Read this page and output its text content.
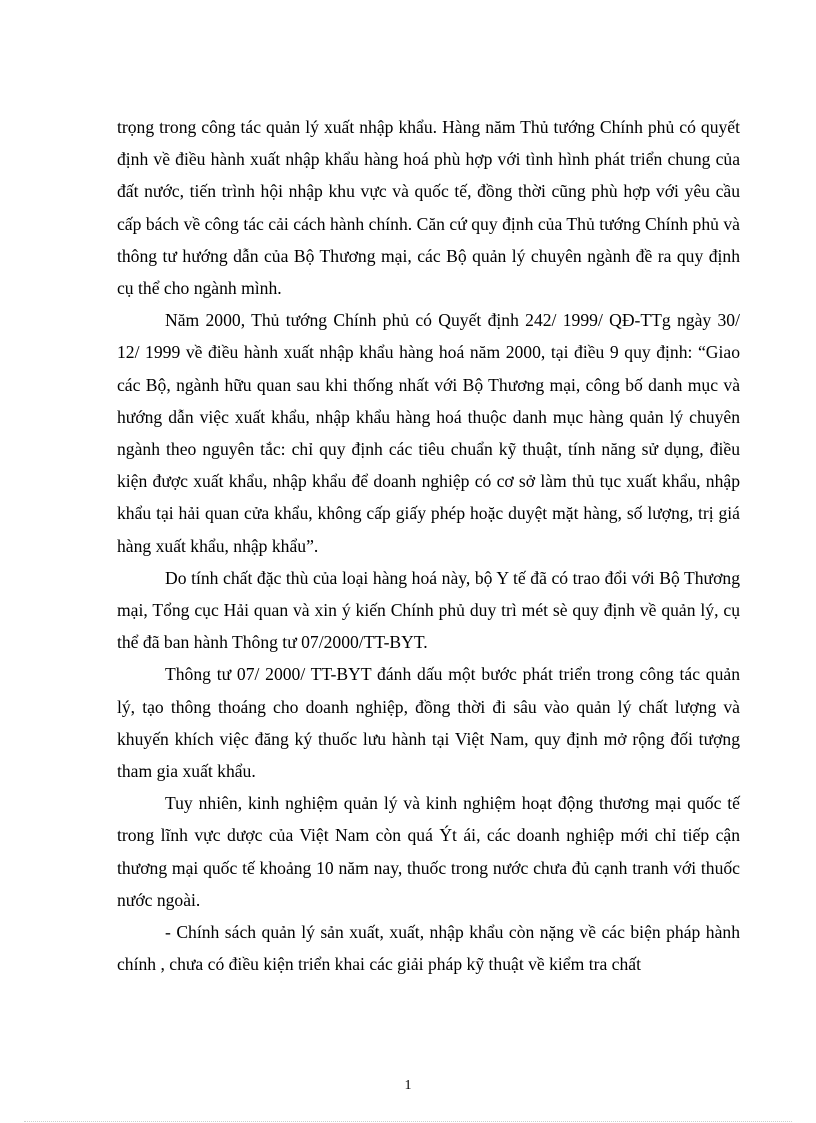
trọng trong công tác quản lý xuất nhập khẩu. Hàng năm Thủ tướng Chính phủ có quyết định về điều hành xuất nhập khẩu hàng hoá phù hợp với tình hình phát triển chung của đất nước, tiến trình hội nhập khu vực và quốc tế, đồng thời cũng phù hợp với yêu cầu cấp bách về công tác cải cách hành chính. Căn cứ quy định của Thủ tướng Chính phủ và thông tư hướng dẫn của Bộ Thương mại, các Bộ quản lý chuyên ngành đề ra quy định cụ thể cho ngành mình.

Năm 2000, Thủ tướng Chính phủ có Quyết định 242/ 1999/ QĐ-TTg ngày 30/ 12/ 1999 về điều hành xuất nhập khẩu hàng hoá năm 2000, tại điều 9 quy định: “Giao các Bộ, ngành hữu quan sau khi thống nhất với Bộ Thương mại, công bố danh mục và hướng dẫn việc xuất khẩu, nhập khẩu hàng hoá thuộc danh mục hàng quản lý chuyên ngành theo nguyên tắc: chỉ quy định các tiêu chuẩn kỹ thuật, tính năng sử dụng, điều kiện được xuất khẩu, nhập khẩu để doanh nghiệp có cơ sở làm thủ tục xuất khẩu, nhập khẩu tại hải quan cửa khẩu, không cấp giấy phép hoặc duyệt mặt hàng, số lượng, trị giá hàng xuất khẩu, nhập khẩu”.

Do tính chất đặc thù của loại hàng hoá này, bộ Y tế đã có trao đổi với Bộ Thương mại, Tổng cục Hải quan và xin ý kiến Chính phủ duy trì mét sè quy định về quản lý, cụ thể đã ban hành Thông tư 07/2000/TT-BYT.

Thông tư 07/ 2000/ TT-BYT đánh dấu một bước phát triển trong công tác quản lý, tạo thông thoáng cho doanh nghiệp, đồng thời đi sâu vào quản lý chất lượng và khuyến khích việc đăng ký thuốc lưu hành tại Việt Nam, quy định mở rộng đối tượng tham gia xuất khẩu.

Tuy nhiên, kinh nghiệm quản lý và kinh nghiệm hoạt động thương mại quốc tế trong lĩnh vực dược của Việt Nam còn quá Ýt ái, các doanh nghiệp mới chỉ tiếp cận thương mại quốc tế khoảng 10 năm nay, thuốc trong nước chưa đủ cạnh tranh với thuốc nước ngoài.

- Chính sách quản lý sản xuất, xuất, nhập khẩu còn nặng về các biện pháp hành chính , chưa có điều kiện triển khai các giải pháp kỹ thuật về kiểm tra chất

1
